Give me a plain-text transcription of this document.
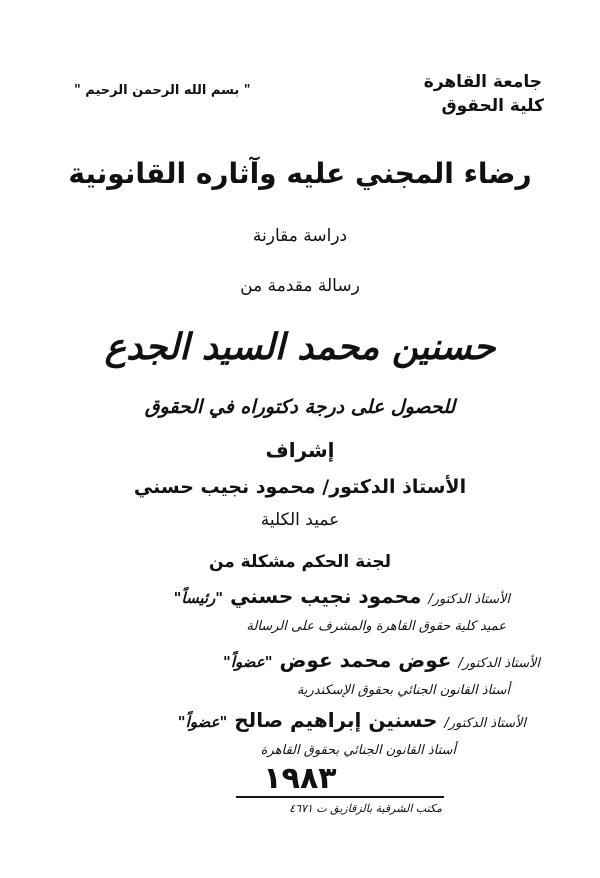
جامعة القاهرة
كلية الحقوق
" بسم الله الرحمن الرحيم "
رضاء المجني عليه وآثاره القانونية
دراسة مقارنة
رسالة مقدمة من
حسنين محمد السيد الجدع
للحصول على درجة دكتوراه في الحقوق
إشراف
الأستاذ الدكتور/ محمود نجيب حسني
عميد الكلية
لجنة الحكم مشكلة من
الأستاذ الدكتور/ محمود نجيب حسني "رئيساً"
عميد كلية حقوق القاهرة والمشرف على الرسالة
الأستاذ الدكتور/ عوض محمد عوض "عضواً"
أستاذ القانون الجنائي بحقوق الإسكندرية
الأستاذ الدكتور/ حسنين إبراهيم صالح "عضواً"
أستاذ القانون الجنائي بحقوق القاهرة
١٩٨٣
مكتب الشرقية بالزقازيق ت ٤٦٧١
